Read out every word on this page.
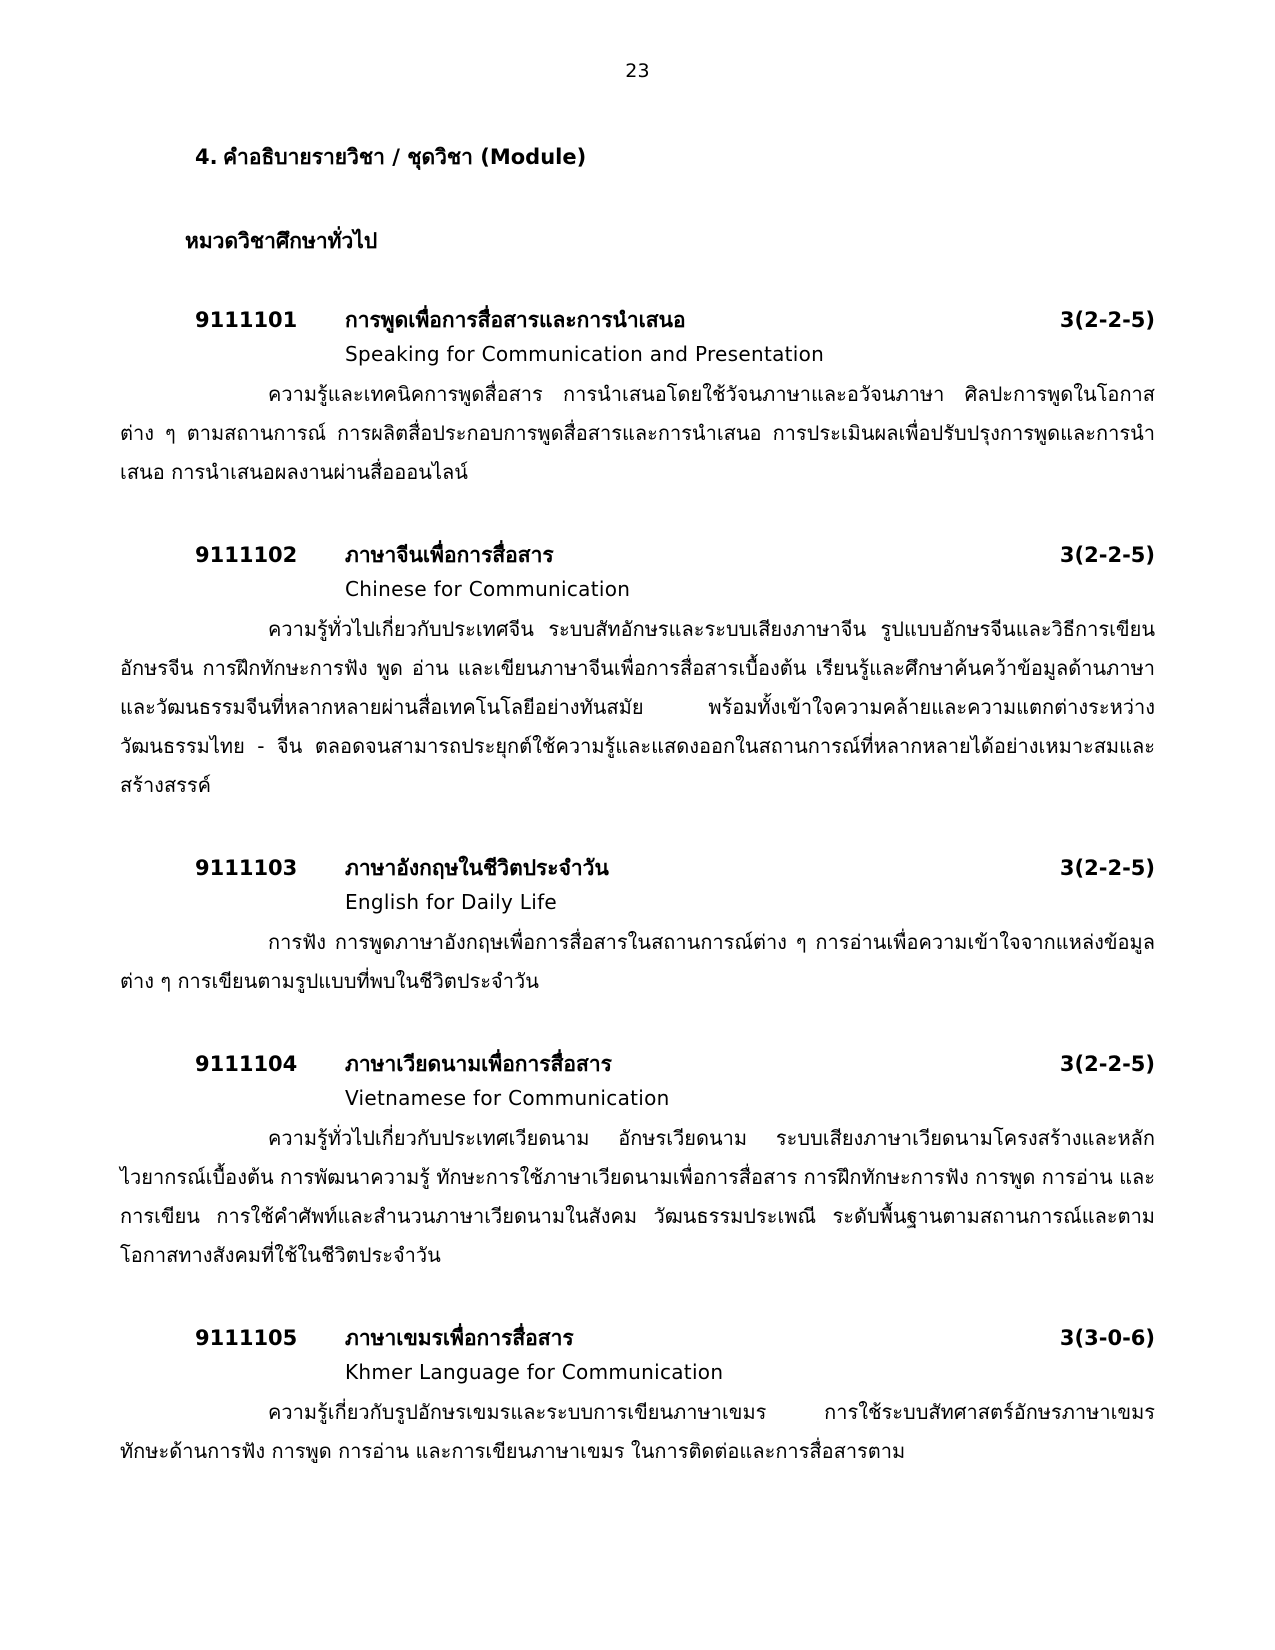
23
4. คำอธิบายรายวิชา / ชุดวิชา (Module)
หมวดวิชาศึกษาทั่วไป
9111101 การพูดเพื่อการสื่อสารและการนำเสนอ	3(2-2-5)
Speaking for Communication and Presentation
ความรู้และเทคนิคการพูดสื่อสาร การนำเสนอโดยใช้วัจนภาษาและอวัจนภาษา ศิลปะการพูดในโอกาสต่าง ๆ ตามสถานการณ์ การผลิตสื่อประกอบการพูดสื่อสารและการนำเสนอ การประเมินผลเพื่อปรับปรุงการพูดและการนำเสนอ การนำเสนอผลงานผ่านสื่อออนไลน์
9111102 ภาษาจีนเพื่อการสื่อสาร	3(2-2-5)
Chinese for Communication
ความรู้ทั่วไปเกี่ยวกับประเทศจีน ระบบสัทอักษรและระบบเสียงภาษาจีน รูปแบบอักษรจีนและวิธีการเขียนอักษรจีน การฝึกทักษะการฟัง พูด อ่าน และเขียนภาษาจีนเพื่อการสื่อสารเบื้องต้น เรียนรู้และศึกษาค้นคว้าข้อมูลด้านภาษาและวัฒนธรรมจีนที่หลากหลายผ่านสื่อเทคโนโลยีอย่างทันสมัย พร้อมทั้งเข้าใจความคล้ายและความแตกต่างระหว่างวัฒนธรรมไทย - จีน ตลอดจนสามารถประยุกต์ใช้ความรู้และแสดงออกในสถานการณ์ที่หลากหลายได้อย่างเหมาะสมและสร้างสรรค์
9111103 ภาษาอังกฤษในชีวิตประจำวัน	3(2-2-5)
English for Daily Life
การฟัง การพูดภาษาอังกฤษเพื่อการสื่อสารในสถานการณ์ต่าง ๆ การอ่านเพื่อความเข้าใจจากแหล่งข้อมูลต่าง ๆ การเขียนตามรูปแบบที่พบในชีวิตประจำวัน
9111104 ภาษาเวียดนามเพื่อการสื่อสาร	3(2-2-5)
Vietnamese for Communication
ความรู้ทั่วไปเกี่ยวกับประเทศเวียดนาม อักษรเวียดนาม ระบบเสียงภาษาเวียดนามโครงสร้างและหลักไวยากรณ์เบื้องต้น การพัฒนาความรู้ ทักษะการใช้ภาษาเวียดนามเพื่อการสื่อสาร การฝึกทักษะการฟัง การพูด การอ่าน และการเขียน การใช้คำศัพท์และสำนวนภาษาเวียดนามในสังคม วัฒนธรรมประเพณี ระดับพื้นฐานตามสถานการณ์และตามโอกาสทางสังคมที่ใช้ในชีวิตประจำวัน
9111105 ภาษาเขมรเพื่อการสื่อสาร	3(3-0-6)
Khmer Language for Communication
ความรู้เกี่ยวกับรูปอักษรเขมรและระบบการเขียนภาษาเขมร การใช้ระบบสัทศาสตร์อักษรภาษาเขมร ทักษะด้านการฟัง การพูด การอ่าน และการเขียนภาษาเขมร ในการติดต่อและการสื่อสารตาม
